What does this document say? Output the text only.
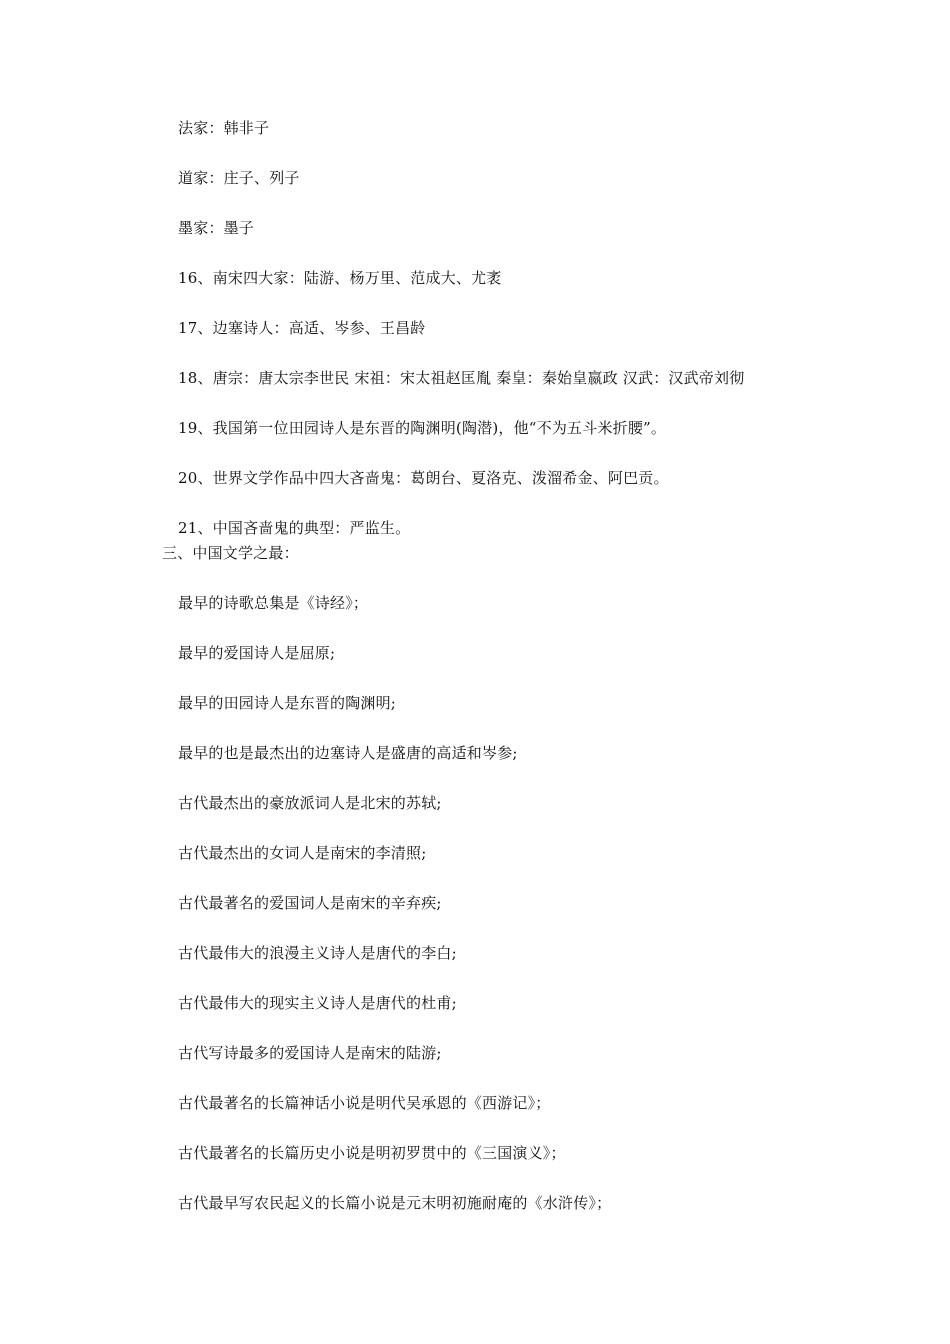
法家：韩非子
道家：庄子、列子
墨家：墨子
16、南宋四大家：陆游、杨万里、范成大、尤袤
17、边塞诗人：高适、岑参、王昌龄
18、唐宗：唐太宗李世民 宋祖：宋太祖赵匡胤 秦皇：秦始皇嬴政 汉武：汉武帝刘彻
19、我国第一位田园诗人是东晋的陶渊明(陶潜)，他“不为五斗米折腰”。
20、世界文学作品中四大吝啬鬼：葛朗台、夏洛克、泼溜希金、阿巴贡。
21、中国吝啬鬼的典型：严监生。
三、中国文学之最：
最早的诗歌总集是《诗经》；
最早的爱国诗人是屈原;
最早的田园诗人是东晋的陶渊明;
最早的也是最杰出的边塞诗人是盛唐的高适和岑参;
古代最杰出的豪放派词人是北宋的苏轼;
古代最杰出的女词人是南宋的李清照;
古代最著名的爱国词人是南宋的辛弃疾;
古代最伟大的浪漫主义诗人是唐代的李白;
古代最伟大的现实主义诗人是唐代的杜甫;
古代写诗最多的爱国诗人是南宋的陆游;
古代最著名的长篇神话小说是明代吴承恩的《西游记》；
古代最著名的长篇历史小说是明初罗贯中的《三国演义》；
古代最早写农民起义的长篇小说是元末明初施耐庵的《水浒传》；
